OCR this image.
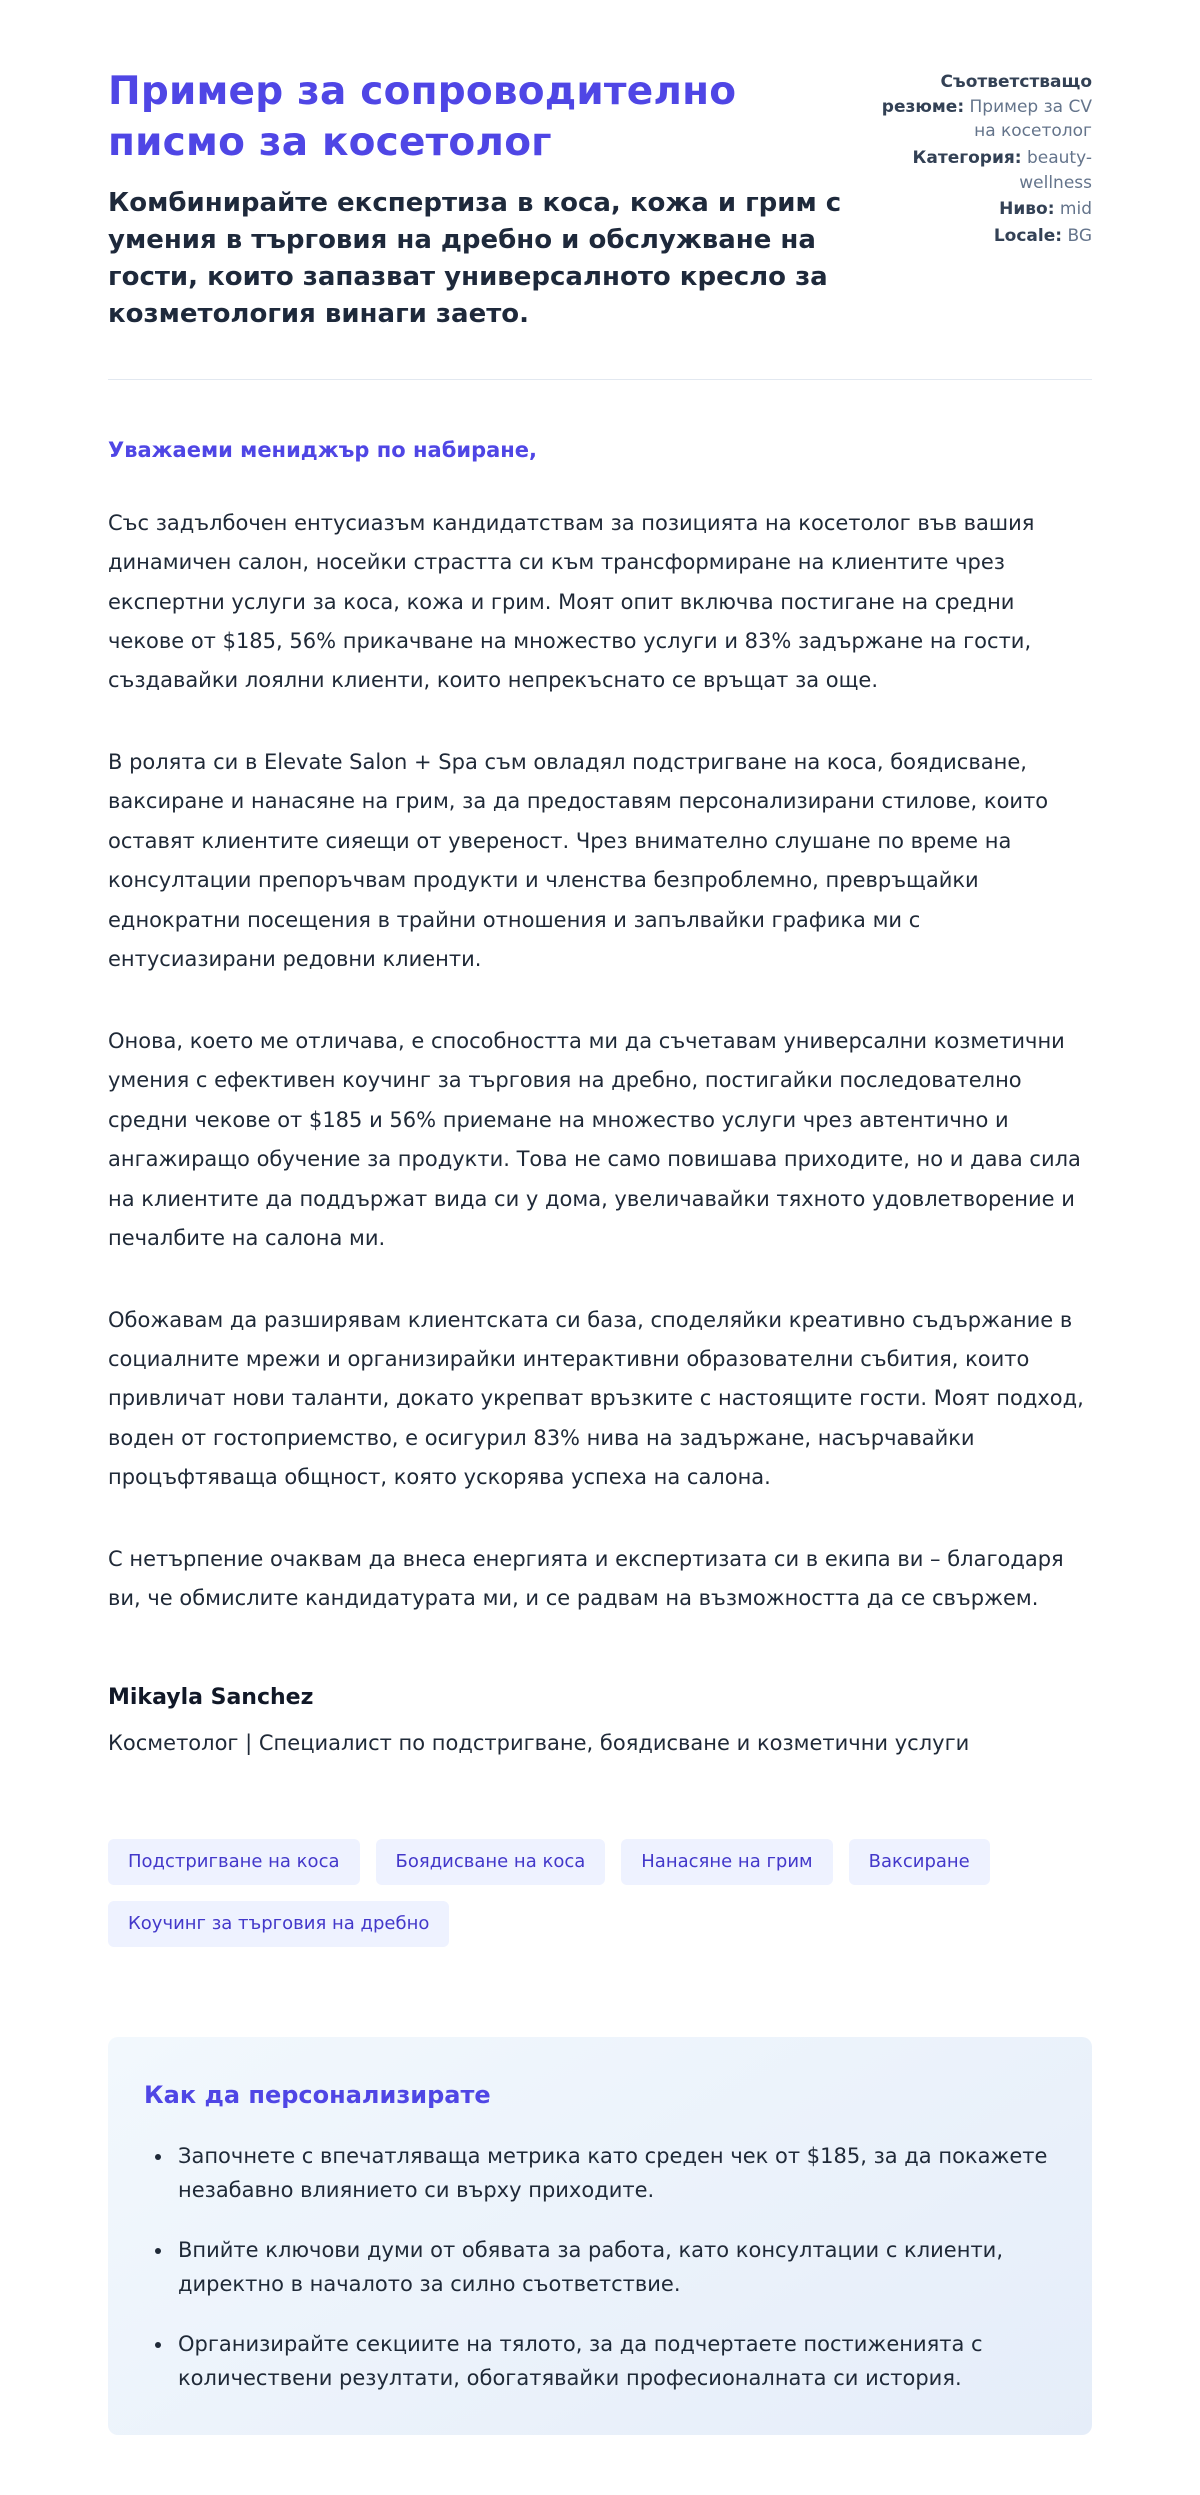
Пример за сопроводително писмо за косетолог

Комбинирайте експертиза в коса, кожа и грим с умения в търговия на дребно и обслужване на гости, които запазват универсалното кресло за козметология винаги заето.

Съответстващо резюме: Пример за CV на косетолог
Категория: beauty-wellness
Ниво: mid
Locale: BG

Уважаеми мениджър по набиране,

Със задълбочен ентусиазъм кандидатствам за позицията на косетолог във вашия динамичен салон, носейки страстта си към трансформиране на клиентите чрез експертни услуги за коса, кожа и грим. Моят опит включва постигане на средни чекове от $185, 56% прикачване на множество услуги и 83% задържане на гости, създавайки лоялни клиенти, които непрекъснато се връщат за още.

В ролята си в Elevate Salon + Spa съм овладял подстригване на коса, боядисване, ваксиране и нанасяне на грим, за да предоставям персонализирани стилове, които оставят клиентите сияещи от увереност. Чрез внимателно слушане по време на консултации препоръчвам продукти и членства безпроблемно, превръщайки еднократни посещения в трайни отношения и запълвайки графика ми с ентусиазирани редовни клиенти.

Онова, което ме отличава, е способността ми да съчетавам универсални козметични умения с ефективен коучинг за търговия на дребно, постигайки последователно средни чекове от $185 и 56% приемане на множество услуги чрез автентично и ангажиращо обучение за продукти. Това не само повишава приходите, но и дава сила на клиентите да поддържат вида си у дома, увеличавайки тяхното удовлетворение и печалбите на салона ми.

Обожавам да разширявам клиентската си база, споделяйки креативно съдържание в социалните мрежи и организирайки интерактивни образователни събития, които привличат нови таланти, докато укрепват връзките с настоящите гости. Моят подход, воден от гостоприемство, е осигурил 83% нива на задържане, насърчавайки процъфтяваща общност, която ускорява успеха на салона.

С нетърпение очаквам да внеса енергията и експертизата си в екипа ви – благодаря ви, че обмислите кандидатурата ми, и се радвам на възможността да се свържем.

Mikayla Sanchez

Косметолог | Специалист по подстригване, боядисване и козметични услуги

Подстригване на коса	Боядисване на коса	Нанасяне на грим	Ваксиране
Коучинг за търговия на дребно
Как да персонализирате
• Започнете с впечатляваща метрика като среден чек от $185, за да покажете незабавно влиянието си върху приходите.
• Впийте ключови думи от обявата за работа, като консултации с клиенти, директно в началото за силно съответствие.
• Организирайте секциите на тялото, за да подчертаете постиженията с количествени резултати, обогатявайки професионалната си история.
